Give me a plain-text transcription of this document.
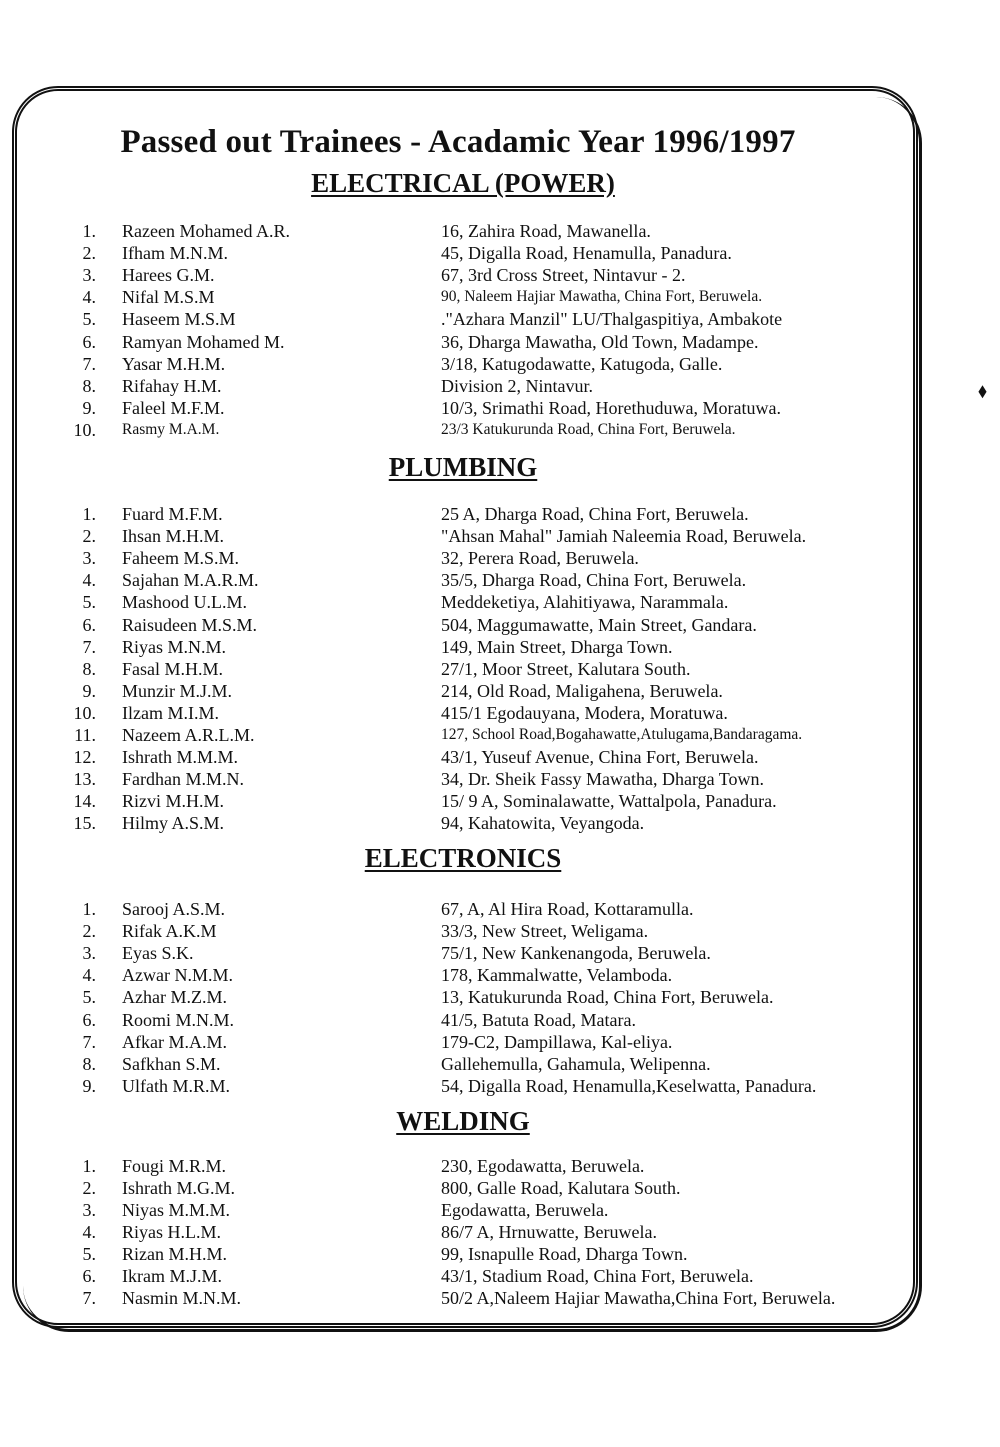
Passed out Trainees - Acadamic Year 1996/1997
ELECTRICAL (POWER)
1. Razeen Mohamed A.R.	16, Zahira Road, Mawanella.
2. Ifham M.N.M.	45, Digalla Road, Henamulla, Panadura.
3. Harees G.M.	67, 3rd Cross Street, Nintavur - 2.
4. Nifal M.S.M	90, Naleem Hajiar Mawatha, China Fort, Beruwela.
5. Haseem M.S.M	."Azhara Manzil" LU/Thalgaspitiya, Ambakote
6. Ramyan Mohamed M.	36, Dharga Mawatha, Old Town, Madampe.
7. Yasar M.H.M.	3/18, Katugodawatte, Katugoda, Galle.
8. Rifahay H.M.	Division 2, Nintavur.
9. Faleel M.F.M.	10/3, Srimathi Road, Horethuduwa, Moratuwa.
10. Rasmy M.A.M.	23/3 Katukurunda Road, China Fort, Beruwela.
PLUMBING
1. Fuard M.F.M.	25 A, Dharga Road, China Fort, Beruwela.
2. Ihsan M.H.M.	"Ahsan Mahal" Jamiah Naleemia Road, Beruwela.
3. Faheem M.S.M.	32, Perera Road, Beruwela.
4. Sajahan M.A.R.M.	35/5, Dharga Road, China Fort, Beruwela.
5. Mashood U.L.M.	Meddeketiya, Alahitiyawa, Narammala.
6. Raisudeen M.S.M.	504, Maggumawatte, Main Street, Gandara.
7. Riyas M.N.M.	149, Main Street, Dharga Town.
8. Fasal M.H.M.	27/1, Moor Street, Kalutara South.
9. Munzir M.J.M.	214, Old Road, Maligahena, Beruwela.
10. Ilzam M.I.M.	415/1 Egodauyana, Modera, Moratuwa.
11. Nazeem A.R.L.M.	127, School Road,Bogahawatte,Atulugama,Bandaragama.
12. Ishrath M.M.M.	43/1, Yuseuf Avenue, China Fort, Beruwela.
13. Fardhan M.M.N.	34, Dr. Sheik Fassy Mawatha, Dharga Town.
14. Rizvi M.H.M.	15/ 9 A, Sominalawatte, Wattalpola, Panadura.
15. Hilmy A.S.M.	94, Kahatowita, Veyangoda.
ELECTRONICS
1. Sarooj A.S.M.	67, A, Al Hira Road, Kottaramulla.
2. Rifak A.K.M	33/3, New Street, Weligama.
3. Eyas S.K.	75/1, New Kankenangoda, Beruwela.
4. Azwar N.M.M.	178, Kammalwatte, Velamboda.
5. Azhar M.Z.M.	13, Katukurunda Road, China Fort, Beruwela.
6. Roomi M.N.M.	41/5, Batuta Road, Matara.
7. Afkar M.A.M.	179-C2, Dampillawa, Kal-eliya.
8. Safkhan S.M.	Gallehemulla, Gahamula, Welipenna.
9. Ulfath M.R.M.	54, Digalla Road, Henamulla,Keselwatta, Panadura.
WELDING
1. Fougi M.R.M.	230, Egodawatta, Beruwela.
2. Ishrath M.G.M.	800, Galle Road, Kalutara South.
3. Niyas M.M.M.	Egodawatta, Beruwela.
4. Riyas H.L.M.	86/7 A, Hrnuwatte, Beruwela.
5. Rizan M.H.M.	99, Isnapulle Road, Dharga Town.
6. Ikram M.J.M.	43/1, Stadium Road, China Fort, Beruwela.
7. Nasmin M.N.M.	50/2 A,Naleem Hajiar Mawatha,China Fort, Beruwela.
⬧
